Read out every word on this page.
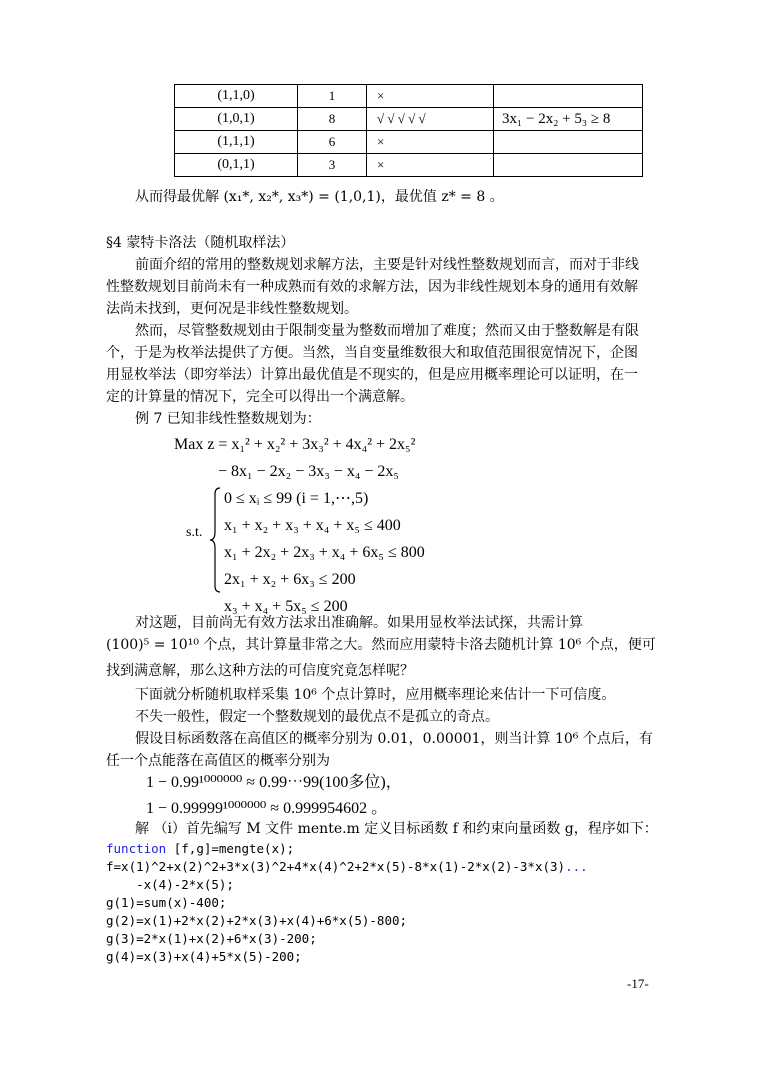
(1,1,0)	1	×	
(1,0,1)	8	√ √ √ √ √	3x₁ − 2x₂ + 5₃ ≥ 8
(1,1,1)	6	×	
(0,1,1)	3	×	
从而得最优解 (x₁*, x₂*, x₃*) = (1,0,1)，最优值 z* = 8 。
§4 蒙特卡洛法（随机取样法）
前面介绍的常用的整数规划求解方法，主要是针对线性整数规划而言，而对于非线
性整数规划目前尚未有一种成熟而有效的求解方法，因为非线性规划本身的通用有效解
法尚未找到，更何况是非线性整数规划。
然而，尽管整数规划由于限制变量为整数而增加了难度；然而又由于整数解是有限
个，于是为枚举法提供了方便。当然，当自变量维数很大和取值范围很宽情况下，企图
用显枚举法（即穷举法）计算出最优值是不现实的，但是应用概率理论可以证明，在一
定的计算量的情况下，完全可以得出一个满意解。
例 7 已知非线性整数规划为：
Max z = x₁² + x₂² + 3x₃² + 4x₄² + 2x₅²
− 8x₁ − 2x₂ − 3x₃ − x₄ − 2x₅
s.t.
0 ≤ xᵢ ≤ 99 (i = 1,⋯,5)
x₁ + x₂ + x₃ + x₄ + x₅ ≤ 400
x₁ + 2x₂ + 2x₃ + x₄ + 6x₅ ≤ 800
2x₁ + x₂ + 6x₃ ≤ 200
x₃ + x₄ + 5x₅ ≤ 200
对这题，目前尚无有效方法求出准确解。如果用显枚举法试探，共需计算
(100)⁵ = 10¹⁰ 个点，其计算量非常之大。然而应用蒙特卡洛去随机计算 10⁶ 个点，便可
找到满意解，那么这种方法的可信度究竟怎样呢？
下面就分析随机取样采集 10⁶ 个点计算时，应用概率理论来估计一下可信度。
不失一般性，假定一个整数规划的最优点不是孤立的奇点。
假设目标函数落在高值区的概率分别为 0.01，0.00001，则当计算 10⁶ 个点后，有
任一个点能落在高值区的概率分别为
1 − 0.99¹⁰⁰⁰⁰⁰⁰ ≈ 0.99⋯99(100多位)，
1 − 0.99999¹⁰⁰⁰⁰⁰⁰ ≈ 0.999954602 。
解 （i）首先编写 M 文件 mente.m 定义目标函数 f 和约束向量函数 g，程序如下：
function [f,g]=mengte(x);
f=x(1)^2+x(2)^2+3*x(3)^2+4*x(4)^2+2*x(5)-8*x(1)-2*x(2)-3*x(3)...
-x(4)-2*x(5);
g(1)=sum(x)-400;
g(2)=x(1)+2*x(2)+2*x(3)+x(4)+6*x(5)-800;
g(3)=2*x(1)+x(2)+6*x(3)-200;
g(4)=x(3)+x(4)+5*x(5)-200;
-17-
